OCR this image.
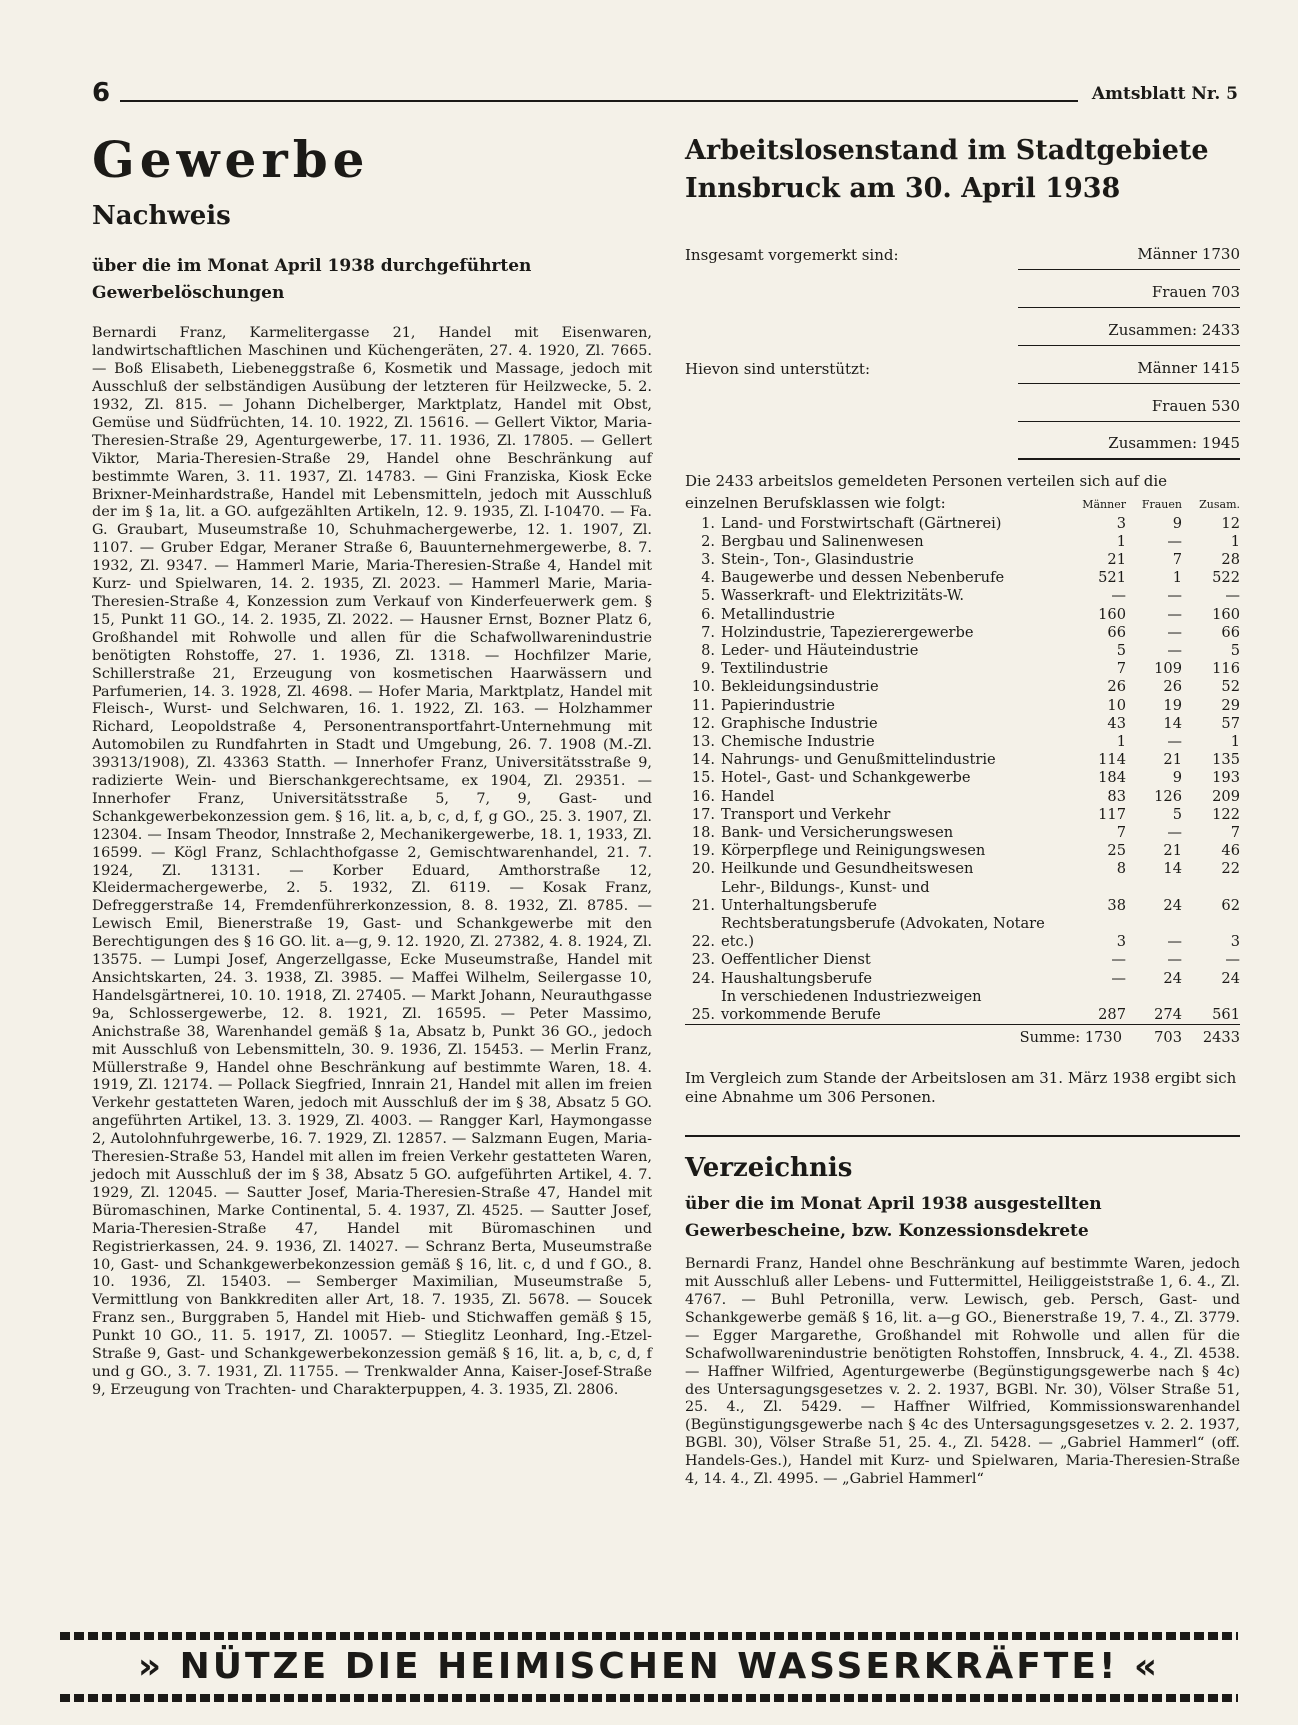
6	Amtsblatt Nr. 5
Gewerbe
Nachweis
über die im Monat April 1938 durchgeführten Gewerbelöschungen

Bernardi Franz, Karmelitergasse 21, Handel mit Eisenwaren, landwirtschaftlichen Maschinen und Küchengeräten, 27. 4. 1920, Zl. 7665. — Boß Elisabeth, Liebeneggstraße 6, Kosmetik und Massage, jedoch mit Ausschluß der selbständigen Ausübung der letzteren für Heilzwecke, 5. 2. 1932, Zl. 815. — Johann Dichelberger, Marktplatz, Handel mit Obst, Gemüse und Südfrüchten, 14. 10. 1922, Zl. 15616. — Gellert Viktor, Maria-Theresien-Straße 29, Agenturgewerbe, 17. 11. 1936, Zl. 17805. — Gellert Viktor, Maria-Theresien-Straße 29, Handel ohne Beschränkung auf bestimmte Waren, 3. 11. 1937, Zl. 14783. — Gini Franziska, Kiosk Ecke Brixner-Meinhardstraße, Handel mit Lebensmitteln, jedoch mit Ausschluß der im § 1a, lit. a GO. aufgezählten Artikeln, 12. 9. 1935, Zl. I-10470. — Fa. G. Graubart, Museumstraße 10, Schuhmachergewerbe, 12. 1. 1907, Zl. 1107. — Gruber Edgar, Meraner Straße 6, Bauunternehmergewerbe, 8. 7. 1932, Zl. 9347. — Hammerl Marie, Maria-Theresien-Straße 4, Handel mit Kurz- und Spielwaren, 14. 2. 1935, Zl. 2023. — Hammerl Marie, Maria-Theresien-Straße 4, Konzession zum Verkauf von Kinderfeuerwerk gem. § 15, Punkt 11 GO., 14. 2. 1935, Zl. 2022. — Hausner Ernst, Bozner Platz 6, Großhandel mit Rohwolle und allen für die Schafwollwarenindustrie benötigten Rohstoffe, 27. 1. 1936, Zl. 1318. — Hochfilzer Marie, Schillerstraße 21, Erzeugung von kosmetischen Haarwässern und Parfumerien, 14. 3. 1928, Zl. 4698. — Hofer Maria, Marktplatz, Handel mit Fleisch-, Wurst- und Selchwaren, 16. 1. 1922, Zl. 163. — Holzhammer Richard, Leopoldstraße 4, Personentransportfahrt-Unternehmung mit Automobilen zu Rundfahrten in Stadt und Umgebung, 26. 7. 1908 (M.-Zl. 39313/1908), Zl. 43363 Statth. — Innerhofer Franz, Universitätsstraße 9, radizierte Wein- und Bierschankgerechtsame, ex 1904, Zl. 29351. — Innerhofer Franz, Universitätsstraße 5, 7, 9, Gast- und Schankgewerbekonzession gem. § 16, lit. a, b, c, d, f, g GO., 25. 3. 1907, Zl. 12304. — Insam Theodor, Innstraße 2, Mechanikergewerbe, 18. 1, 1933, Zl. 16599. — Kögl Franz, Schlachthofgasse 2, Gemischtwarenhandel, 21. 7. 1924, Zl. 13131. — Korber Eduard, Amthorstraße 12, Kleidermachergewerbe, 2. 5. 1932, Zl. 6119. — Kosak Franz, Defreggerstraße 14, Fremdenführerkonzession, 8. 8. 1932, Zl. 8785. — Lewisch Emil, Bienerstraße 19, Gast- und Schankgewerbe mit den Berechtigungen des § 16 GO. lit. a—g, 9. 12. 1920, Zl. 27382, 4. 8. 1924, Zl. 13575. — Lumpi Josef, Angerzellgasse, Ecke Museumstraße, Handel mit Ansichtskarten, 24. 3. 1938, Zl. 3985. — Maffei Wilhelm, Seilergasse 10, Handelsgärtnerei, 10. 10. 1918, Zl. 27405. — Markt Johann, Neurauthgasse 9a, Schlossergewerbe, 12. 8. 1921, Zl. 16595. — Peter Massimo, Anichstraße 38, Warenhandel gemäß § 1a, Absatz b, Punkt 36 GO., jedoch mit Ausschluß von Lebensmitteln, 30. 9. 1936, Zl. 15453. — Merlin Franz, Müllerstraße 9, Handel ohne Beschränkung auf bestimmte Waren, 18. 4. 1919, Zl. 12174. — Pollack Siegfried, Innrain 21, Handel mit allen im freien Verkehr gestatteten Waren, jedoch mit Ausschluß der im § 38, Absatz 5 GO. angeführten Artikel, 13. 3. 1929, Zl. 4003. — Rangger Karl, Haymongasse 2, Autolohnfuhrgewerbe, 16. 7. 1929, Zl. 12857. — Salzmann Eugen, Maria-Theresien-Straße 53, Handel mit allen im freien Verkehr gestatteten Waren, jedoch mit Ausschluß der im § 38, Absatz 5 GO. aufgeführten Artikel, 4. 7. 1929, Zl. 12045. — Sautter Josef, Maria-Theresien-Straße 47, Handel mit Büromaschinen, Marke Continental, 5. 4. 1937, Zl. 4525. — Sautter Josef, Maria-Theresien-Straße 47, Handel mit Büromaschinen und Registrierkassen, 24. 9. 1936, Zl. 14027. — Schranz Berta, Museumstraße 10, Gast- und Schankgewerbekonzession gemäß § 16, lit. c, d und f GO., 8. 10. 1936, Zl. 15403. — Semberger Maximilian, Museumstraße 5, Vermittlung von Bankkrediten aller Art, 18. 7. 1935, Zl. 5678. — Soucek Franz sen., Burggraben 5, Handel mit Hieb- und Stichwaffen gemäß § 15, Punkt 10 GO., 11. 5. 1917, Zl. 10057. — Stieglitz Leonhard, Ing.-Etzel-Straße 9, Gast- und Schankgewerbekonzession gemäß § 16, lit. a, b, c, d, f und g GO., 3. 7. 1931, Zl. 11755. — Trenkwalder Anna, Kaiser-Josef-Straße 9, Erzeugung von Trachten- und Charakterpuppen, 4. 3. 1935, Zl. 2806.

Arbeitslosenstand im Stadtgebiete Innsbruck am 30. April 1938
Insgesamt vorgemerkt sind:	Männer 1730
Frauen 703
Zusammen: 2433
Hievon sind unterstützt:	Männer 1415
Frauen 530
Zusammen: 1945

Die 2433 arbeitslos gemeldeten Personen verteilen sich auf die

einzelnen Berufsklassen wie folgt:		Männer	Frauen	Zusam.
1.	Land- und Forstwirtschaft (Gärtnerei)	3	9	12
2.	Bergbau und Salinenwesen	1	—	1
3.	Stein-, Ton-, Glasindustrie	21	7	28
4.	Baugewerbe und dessen Nebenberufe	521	1	522
5.	Wasserkraft- und Elektrizitäts-W.	—	—	—
6.	Metallindustrie	160	—	160
7.	Holzindustrie, Tapezierergewerbe	66	—	66
8.	Leder- und Häuteindustrie	5	—	5
9.	Textilindustrie	7	109	116
10.	Bekleidungsindustrie	26	26	52
11.	Papierindustrie	10	19	29
12.	Graphische Industrie	43	14	57
13.	Chemische Industrie	1	—	1
14.	Nahrungs- und Genußmittelindustrie	114	21	135
15.	Hotel-, Gast- und Schankgewerbe	184	9	193
16.	Handel	83	126	209
17.	Transport und Verkehr	117	5	122
18.	Bank- und Versicherungswesen	7	—	7
19.	Körperpflege und Reinigungswesen	25	21	46
20.	Heilkunde und Gesundheitswesen	8	14	22
21.	Lehr-, Bildungs-, Kunst- und Unterhaltungsberufe	38	24	62
22.	Rechtsberatungsberufe (Advokaten, Notare etc.)	3	—	3
23.	Oeffentlicher Dienst	—	—	—
24.	Haushaltungsberufe	—	24	24
25.	In verschiedenen Industriezweigen vorkommende Berufe	287	274	561
	Summe: 1730		703	2433

Im Vergleich zum Stande der Arbeitslosen am 31. März 1938 ergibt sich eine Abnahme um 306 Personen.

Verzeichnis
über die im Monat April 1938 ausgestellten Gewerbescheine, bzw. Konzessionsdekrete

Bernardi Franz, Handel ohne Beschränkung auf bestimmte Waren, jedoch mit Ausschluß aller Lebens- und Futtermittel, Heiliggeiststraße 1, 6. 4., Zl. 4767. — Buhl Petronilla, verw. Lewisch, geb. Persch, Gast- und Schankgewerbe gemäß § 16, lit. a—g GO., Bienerstraße 19, 7. 4., Zl. 3779. — Egger Margarethe, Großhandel mit Rohwolle und allen für die Schafwollwarenindustrie benötigten Rohstoffen, Innsbruck, 4. 4., Zl. 4538. — Haffner Wilfried, Agenturgewerbe (Begünstigungsgewerbe nach § 4c) des Untersagungsgesetzes v. 2. 2. 1937, BGBl. Nr. 30), Völser Straße 51, 25. 4., Zl. 5429. — Haffner Wilfried, Kommissionswarenhandel (Begünstigungsgewerbe nach § 4c des Untersagungsgesetzes v. 2. 2. 1937, BGBl. 30), Völser Straße 51, 25. 4., Zl. 5428. — „Gabriel Hammerl“ (off. Handels-Ges.), Handel mit Kurz- und Spielwaren, Maria-Theresien-Straße 4, 14. 4., Zl. 4995. — „Gabriel Hammerl“

» NÜTZE DIE HEIMISCHEN WASSERKRÄFTE! «
